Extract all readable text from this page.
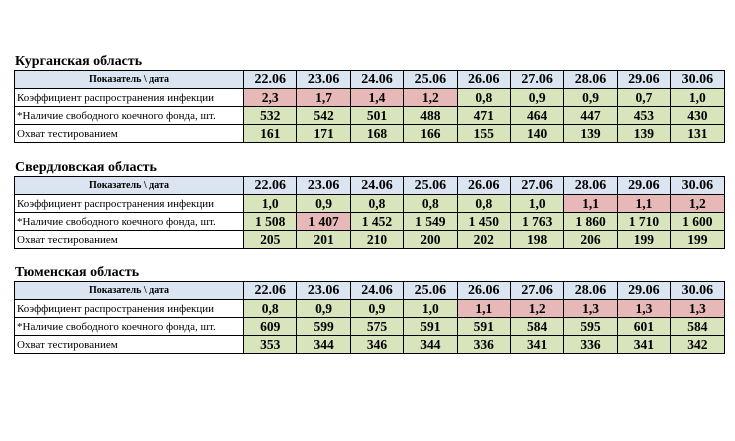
Курганская область
Показатель \ дата	22.06	23.06	24.06	25.06	26.06	27.06	28.06	29.06	30.06
Коэффициент распространения инфекции	2,3	1,7	1,4	1,2	0,8	0,9	0,9	0,7	1,0
*Наличие свободного коечного фонда, шт.	532	542	501	488	471	464	447	453	430
Охват тестированием	161	171	168	166	155	140	139	139	131
Свердловская область
Показатель \ дата	22.06	23.06	24.06	25.06	26.06	27.06	28.06	29.06	30.06
Коэффициент распространения инфекции	1,0	0,9	0,8	0,8	0,8	1,0	1,1	1,1	1,2
*Наличие свободного коечного фонда, шт.	1 508	1 407	1 452	1 549	1 450	1 763	1 860	1 710	1 600
Охват тестированием	205	201	210	200	202	198	206	199	199
Тюменская область
Показатель \ дата	22.06	23.06	24.06	25.06	26.06	27.06	28.06	29.06	30.06
Коэффициент распространения инфекции	0,8	0,9	0,9	1,0	1,1	1,2	1,3	1,3	1,3
*Наличие свободного коечного фонда, шт.	609	599	575	591	591	584	595	601	584
Охват тестированием	353	344	346	344	336	341	336	341	342
